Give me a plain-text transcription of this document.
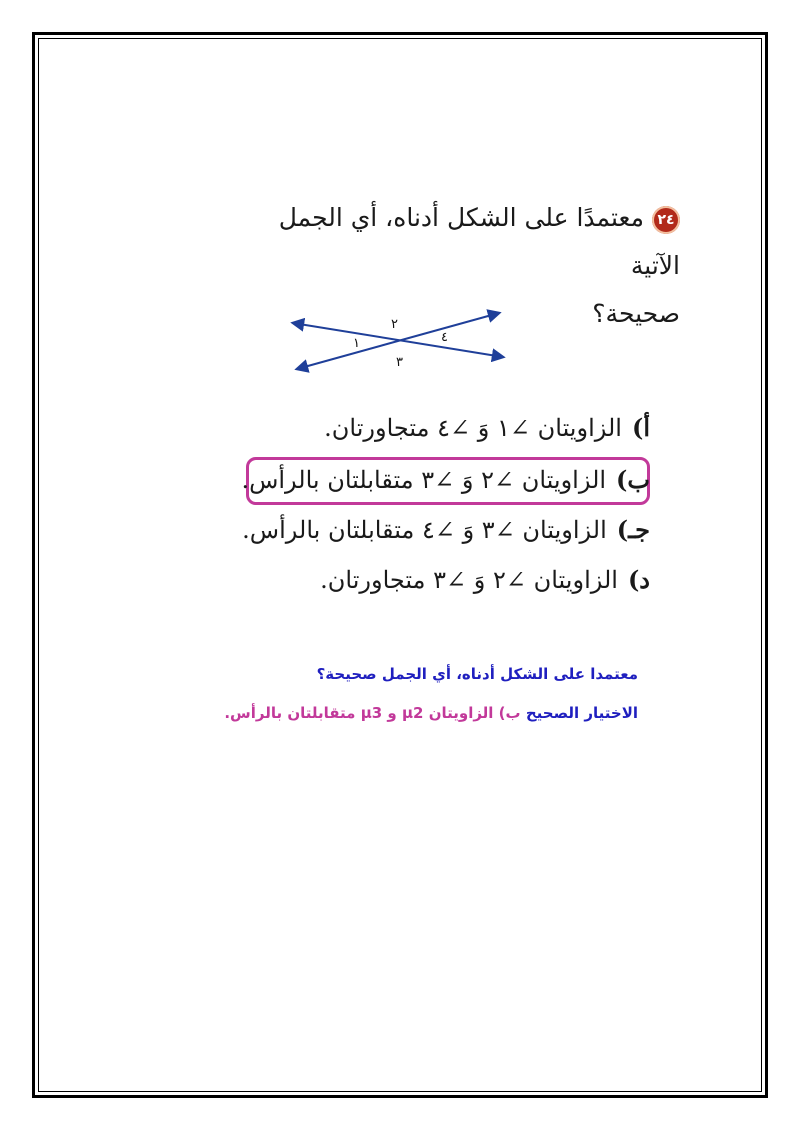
٢٤معتمدًا على الشكل أدناه، أي الجمل الآتية
صحيحة؟
١
٢
٣
٤
أ)الزاويتان ∠١ وَ ∠٤ متجاورتان.
ب)الزاويتان ∠٢ وَ ∠٣ متقابلتان بالرأس.
جـ)الزاويتان ∠٣ وَ ∠٤ متقابلتان بالرأس.
د)الزاويتان ∠٢ وَ ∠٣ متجاورتان.
معتمدا على الشكل أدناه، أي الجمل صحيحة؟
الاختيار الصحيح ب) الزاويتان μ2 و μ3 متقابلتان بالرأس.
